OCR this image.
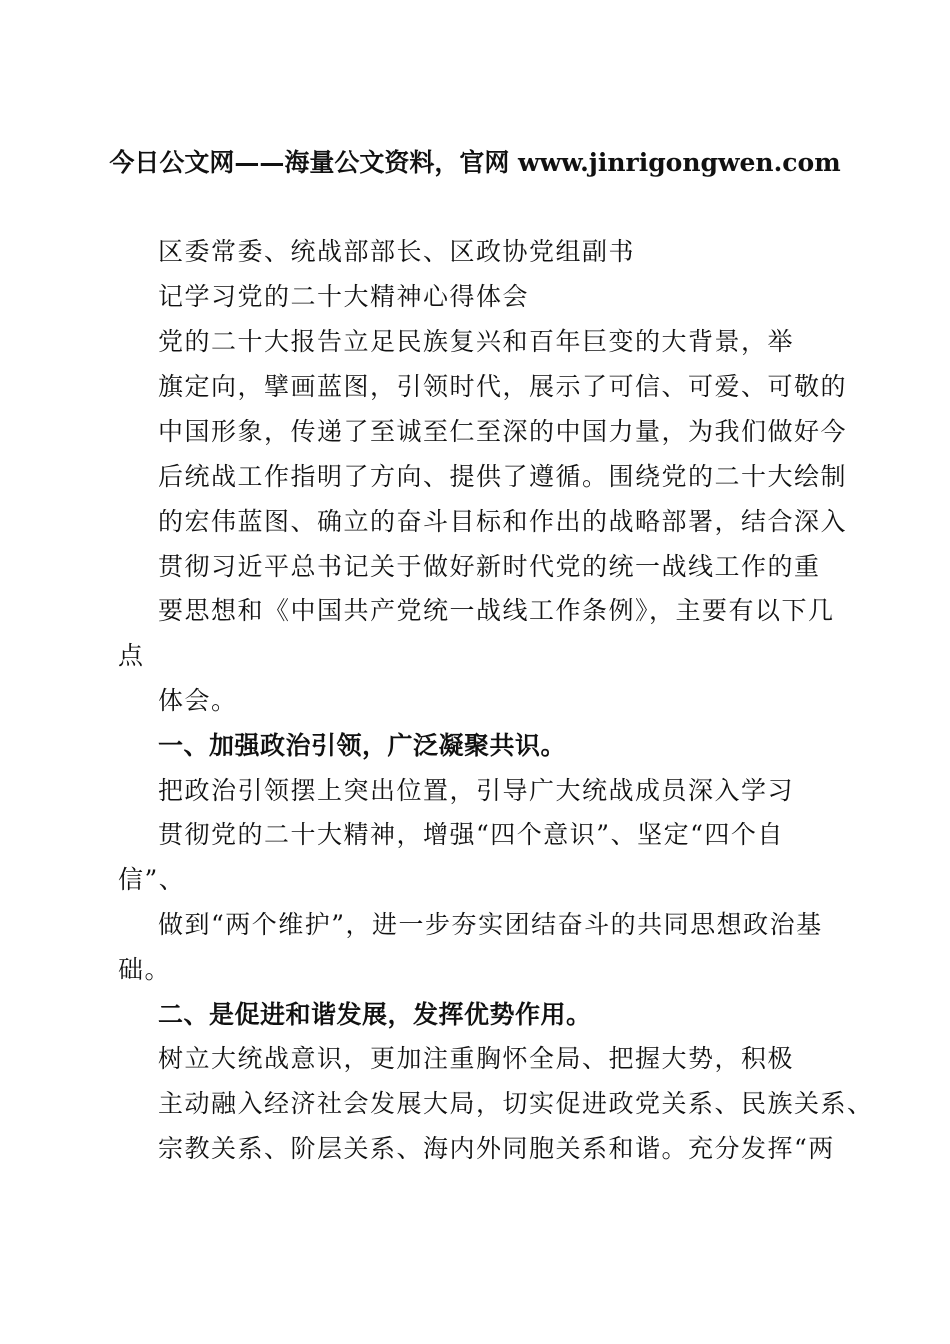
今日公文网——海量公文资料，官网 www.jinrigongwen.com
区委常委、统战部部长、区政协党组副书
记学习党的二十大精神心得体会
党的二十大报告立足民族复兴和百年巨变的大背景，举
旗定向，擘画蓝图，引领时代，展示了可信、可爱、可敬的
中国形象，传递了至诚至仁至深的中国力量，为我们做好今
后统战工作指明了方向、提供了遵循。围绕党的二十大绘制
的宏伟蓝图、确立的奋斗目标和作出的战略部署，结合深入
贯彻习近平总书记关于做好新时代党的统一战线工作的重
要思想和《中国共产党统一战线工作条例》，主要有以下几
点
体会。
一、加强政治引领，广泛凝聚共识。
把政治引领摆上突出位置，引导广大统战成员深入学习
贯彻党的二十大精神，增强“四个意识”、坚定“四个自
信”、
做到“两个维护”，进一步夯实团结奋斗的共同思想政治基
础。
二、是促进和谐发展，发挥优势作用。
树立大统战意识，更加注重胸怀全局、把握大势，积极
主动融入经济社会发展大局，切实促进政党关系、民族关系、
宗教关系、阶层关系、海内外同胞关系和谐。充分发挥“两
